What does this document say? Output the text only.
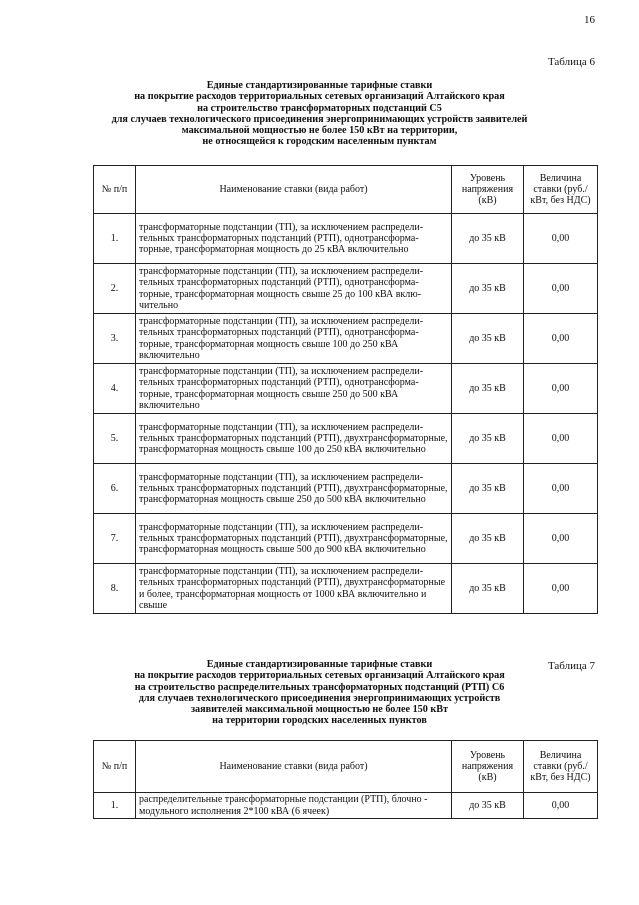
16
Таблица 6
Единые стандартизированные тарифные ставки
на покрытие расходов территориальных сетевых организаций Алтайского края
на строительство трансформаторных подстанций С5
для случаев технологического присоединения энергопринимающих устройств заявителей
максимальной мощностью не более 150 кВт на территории,
не относящейся к городским населенным пунктам
№ п/п	Наименование ставки (вида работ)	Уровень напряжения (кВ)	Величина ставки (руб./кВт, без НДС)
1.	трансформаторные подстанции (ТП), за исключением распределительных трансформаторных подстанций (РТП), однотрансформаторные, трансформаторная мощность до 25 кВА включительно	до 35 кВ	0,00
2.	трансформаторные подстанции (ТП), за исключением распределительных трансформаторных подстанций (РТП), однотрансформаторные, трансформаторная мощность свыше 25 до 100 кВА включительно	до 35 кВ	0,00
3.	трансформаторные подстанции (ТП), за исключением распределительных трансформаторных подстанций (РТП), однотрансформаторные, трансформаторная мощность свыше 100 до 250 кВА включительно	до 35 кВ	0,00
4.	трансформаторные подстанции (ТП), за исключением распределительных трансформаторных подстанций (РТП), однотрансформаторные, трансформаторная мощность свыше 250 до 500 кВА включительно	до 35 кВ	0,00
5.	трансформаторные подстанции (ТП), за исключением распределительных трансформаторных подстанций (РТП), двухтрансформаторные, трансформаторная мощность свыше 100 до 250 кВА включительно	до 35 кВ	0,00
6.	трансформаторные подстанции (ТП), за исключением распределительных трансформаторных подстанций (РТП), двухтрансформаторные, трансформаторная мощность свыше 250 до 500 кВА включительно	до 35 кВ	0,00
7.	трансформаторные подстанции (ТП), за исключением распределительных трансформаторных подстанций (РТП), двухтрансформаторные, трансформаторная мощность свыше 500 до 900 кВА включительно	до 35 кВ	0,00
8.	трансформаторные подстанции (ТП), за исключением распределительных трансформаторных подстанций (РТП), двухтрансформаторные и более, трансформаторная мощность от 1000 кВА включительно и свыше	до 35 кВ	0,00
Таблица 7
Единые стандартизированные тарифные ставки
на покрытие расходов территориальных сетевых организаций Алтайского края
на строительство распределительных трансформаторных подстанций (РТП) С6
для случаев технологического присоединения энергопринимающих устройств
заявителей максимальной мощностью не более 150 кВт
на территории городских населенных пунктов
№ п/п	Наименование ставки (вида работ)	Уровень напряжения (кВ)	Величина ставки (руб./кВт, без НДС)
1.	распределительные трансформаторные подстанции (РТП), блочно - модульного исполнения 2*100 кВА (6 ячеек)	до 35 кВ	0,00
